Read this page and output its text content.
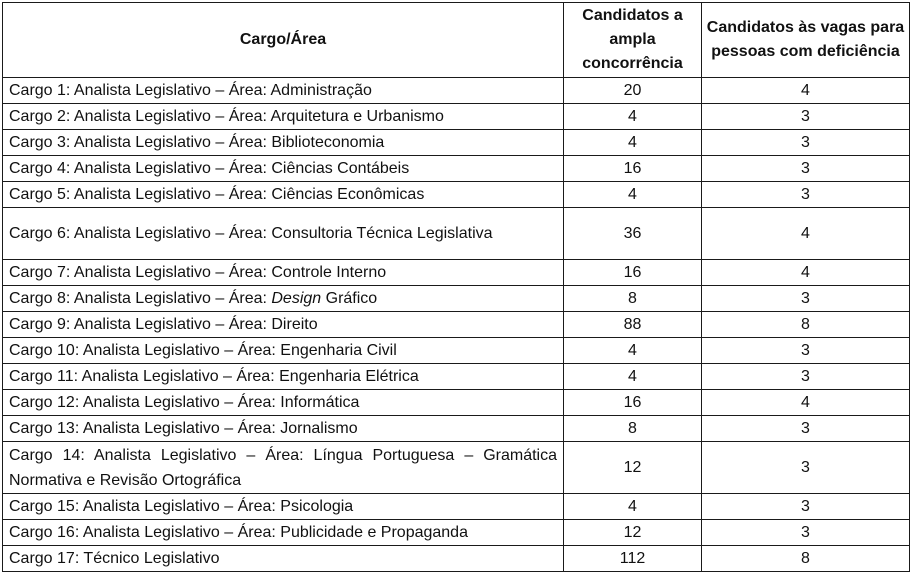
Cargo/Área	Candidatos a ampla concorrência	Candidatos às vagas para pessoas com deficiência
Cargo 1: Analista Legislativo – Área: Administração	20	4
Cargo 2: Analista Legislativo – Área: Arquitetura e Urbanismo	4	3
Cargo 3: Analista Legislativo – Área: Biblioteconomia	4	3
Cargo 4: Analista Legislativo – Área: Ciências Contábeis	16	3
Cargo 5: Analista Legislativo – Área: Ciências Econômicas	4	3
Cargo 6: Analista Legislativo – Área: Consultoria Técnica Legislativa	36	4
Cargo 7: Analista Legislativo – Área: Controle Interno	16	4
Cargo 8: Analista Legislativo – Área: Design Gráfico	8	3
Cargo 9: Analista Legislativo – Área: Direito	88	8
Cargo 10: Analista Legislativo – Área: Engenharia Civil	4	3
Cargo 11: Analista Legislativo – Área: Engenharia Elétrica	4	3
Cargo 12: Analista Legislativo – Área: Informática	16	4
Cargo 13: Analista Legislativo – Área: Jornalismo	8	3
Cargo 14: Analista Legislativo – Área: Língua Portuguesa – Gramática Normativa e Revisão Ortográfica	12	3
Cargo 15: Analista Legislativo – Área: Psicologia	4	3
Cargo 16: Analista Legislativo – Área: Publicidade e Propaganda	12	3
Cargo 17: Técnico Legislativo	112	8
